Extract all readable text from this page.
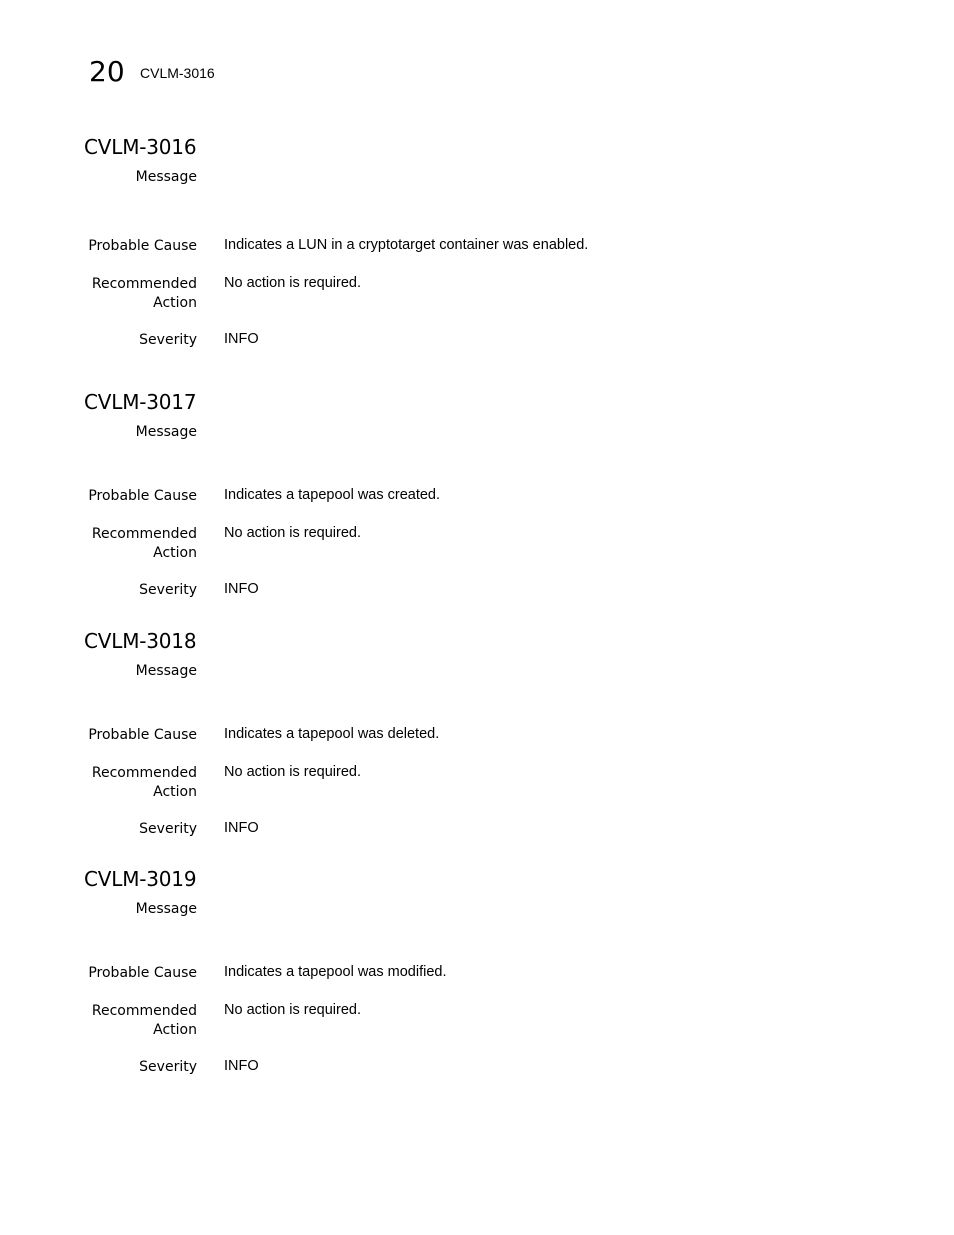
20 CVLM-3016
CVLM-3016
Message
Probable Cause Indicates a LUN in a cryptotarget container was enabled.
Recommended
Action
No action is required.
Severity INFO
CVLM-3017
Message
Probable Cause Indicates a tapepool was created.
Recommended
Action
No action is required.
Severity INFO
CVLM-3018
Message
Probable Cause Indicates a tapepool was deleted.
Recommended
Action
No action is required.
Severity INFO
CVLM-3019
Message
Probable Cause Indicates a tapepool was modified.
Recommended
Action
No action is required.
Severity INFO
